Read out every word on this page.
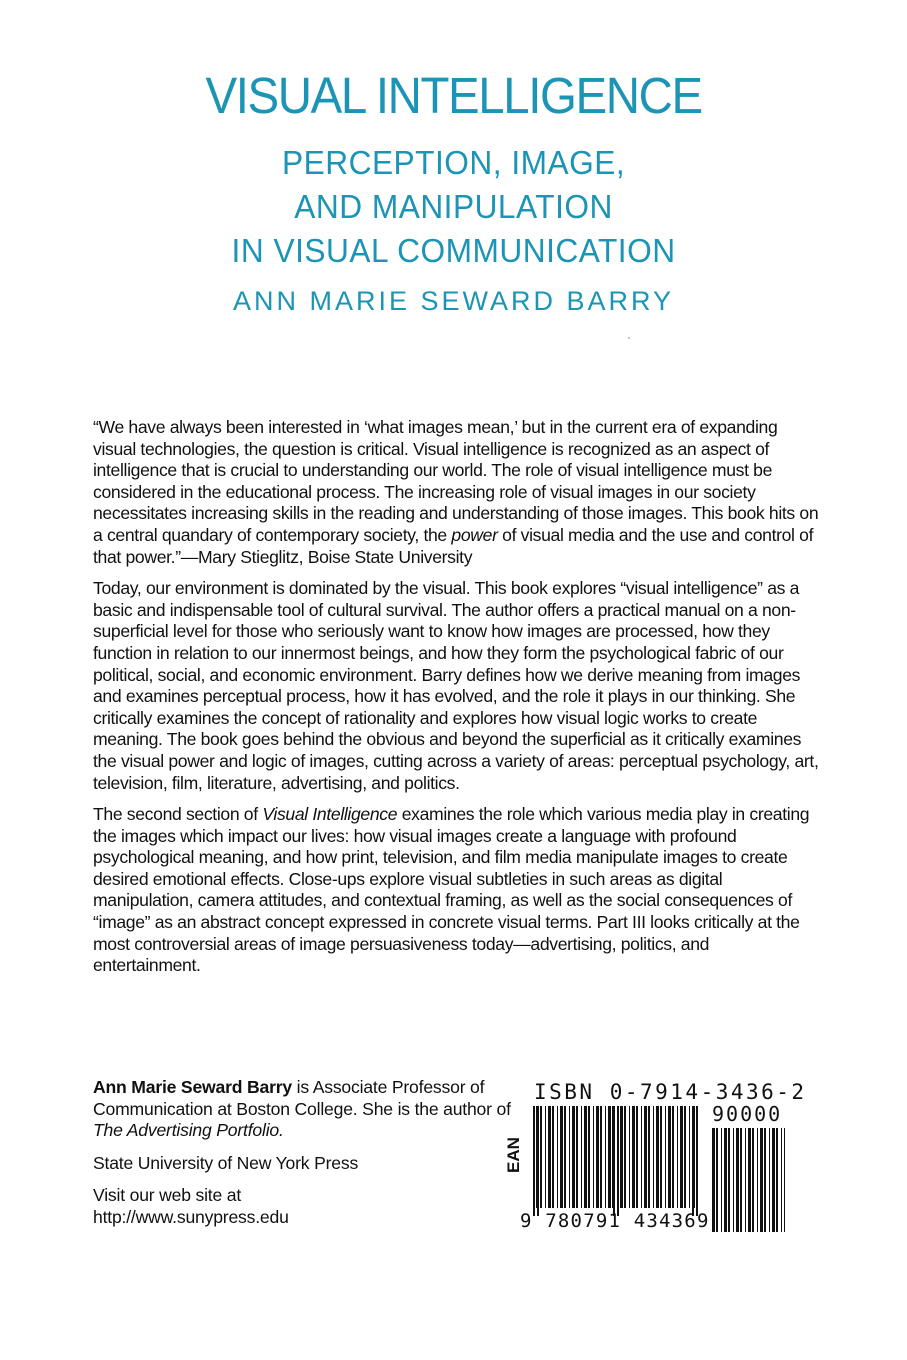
VISUAL INTELLIGENCE
PERCEPTION, IMAGE,
AND MANIPULATION
IN VISUAL COMMUNICATION
ANN MARIE SEWARD BARRY

“We have always been interested in ‘what images mean,’ but in the current era of expanding visual technologies, the question is critical. Visual intelligence is recognized as an aspect of intelligence that is crucial to understanding our world. The role of visual intelligence must be considered in the educational process. The increasing role of visual images in our society necessitates increasing skills in the reading and understanding of those images. This book hits on a central quandary of contemporary society, the power of visual media and the use and control of that power.”—Mary Stieglitz, Boise State University

Today, our environment is dominated by the visual. This book explores “visual intelligence” as a basic and indispensable tool of cultural survival. The author offers a practical manual on a non-superficial level for those who seriously want to know how images are processed, how they function in relation to our innermost beings, and how they form the psychological fabric of our political, social, and economic environment. Barry defines how we derive meaning from images and examines perceptual process, how it has evolved, and the role it plays in our thinking. She critically examines the concept of rationality and explores how visual logic works to create meaning. The book goes behind the obvious and beyond the superficial as it critically examines the visual power and logic of images, cutting across a variety of areas: perceptual psychology, art, television, film, literature, advertising, and politics.

The second section of Visual Intelligence examines the role which various media play in creating the images which impact our lives: how visual images create a language with profound psychological meaning, and how print, television, and film media manipulate images to create desired emotional effects. Close-ups explore visual subtleties in such areas as digital manipulation, camera attitudes, and contextual framing, as well as the social consequences of “image” as an abstract concept expressed in concrete visual terms. Part III looks critically at the most controversial areas of image persuasiveness today—advertising, politics, and entertainment.

Ann Marie Seward Barry is Associate Professor of Communication at Boston College. She is the author of
The Advertising Portfolio.

State University of New York Press

Visit our web site at
http://www.sunypress.edu

ISBN 0-7914-3436-2
90000
EAN
9 780791 434369
